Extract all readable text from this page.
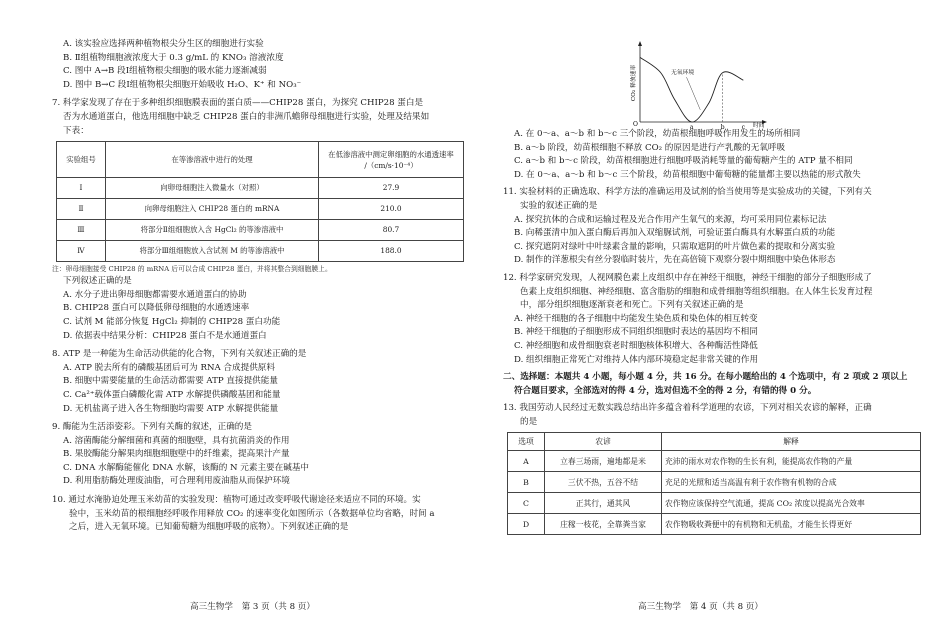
A. 该实验应选择两种植物根尖分生区的细胞进行实验
B. Ⅱ组植物细胞液浓度大于 0.3 g/mL 的 KNO₃ 溶液浓度
C. 图中 A→B 段Ⅰ组植物根尖细胞的吸水能力逐渐减弱
D. 图中 B→C 段Ⅰ组植物根尖细胞开始吸收 H₂O、K⁺ 和 NO₃⁻
7. 科学家发现了存在于多种组织细胞膜表面的蛋白质——CHIP28 蛋白，为探究 CHIP28 蛋白是
否为水通道蛋白，他选用细胞中缺乏 CHIP28 蛋白的非洲爪蟾卵母细胞进行实验，处理及结果如
下表：
实验组号	在等渗溶液中进行的处理	在低渗溶液中测定卵细胞的水通透速率
/（cm/s·10⁻⁴）
Ⅰ	向卵母细胞注入微量水（对照）	27.9
Ⅱ	向卵母细胞注入 CHIP28 蛋白的 mRNA	210.0
Ⅲ	将部分Ⅱ组细胞放入含 HgCl₂ 的等渗溶液中	80.7
Ⅳ	将部分Ⅲ组细胞放入含试剂 M 的等渗溶液中	188.0
注：卵母细胞接受 CHIP28 的 mRNA 后可以合成 CHIP28 蛋白，并将其整合到细胞膜上。
下列叙述正确的是
A. 水分子进出卵母细胞都需要水通道蛋白的协助
B. CHIP28 蛋白可以降低卵母细胞的水通透速率
C. 试剂 M 能部分恢复 HgCl₂ 抑制的 CHIP28 蛋白功能
D. 依据表中结果分析：CHIP28 蛋白不是水通道蛋白
8. ATP 是一种能为生命活动供能的化合物，下列有关叙述正确的是
A. ATP 脱去所有的磷酸基团后可为 RNA 合成提供原料
B. 细胞中需要能量的生命活动都需要 ATP 直接提供能量
C. Ca²⁺载体蛋白磷酸化需 ATP 水解提供磷酸基团和能量
D. 无机盐离子进入各生物细胞均需要 ATP 水解提供能量
9. 酶能为生活添姿彩。下列有关酶的叙述，正确的是
A. 溶菌酶能分解细菌和真菌的细胞壁，具有抗菌消炎的作用
B. 果胶酶能分解果肉细胞细胞壁中的纤维素，提高果汁产量
C. DNA 水解酶能催化 DNA 水解，该酶的 N 元素主要在碱基中
D. 利用脂肪酶处理废油脂，可合理利用废油脂从而保护环境
10. 通过水淹胁迫处理玉米幼苗的实验发现：植物可通过改变呼吸代谢途径来适应不同的环境。实
验中，玉米幼苗的根细胞经呼吸作用释放 CO₂ 的速率变化如图所示（各数据单位均省略，时间 a
之后，进入无氧环境。已知葡萄糖为细胞呼吸的底物）。下列叙述正确的是
高三生物学　第 3 页（共 8 页）
CO₂ 释放速率
时间
O
无氧环境
a	b	c
A. 在 0～a、a～b 和 b～c 三个阶段，幼苗根细胞呼吸作用发生的场所相同
B. a～b 阶段，幼苗根细胞不释放 CO₂ 的原因是进行产乳酸的无氧呼吸
C. a～b 和 b～c 阶段，幼苗根细胞进行细胞呼吸消耗等量的葡萄糖产生的 ATP 量不相同
D. 在 0～a、a～b 和 b～c 三个阶段，幼苗根细胞中葡萄糖的能量都主要以热能的形式散失
11. 实验材料的正确选取、科学方法的准确运用及试剂的恰当使用等是实验成功的关键，下列有关
实验的叙述正确的是
A. 探究抗体的合成和运输过程及光合作用产生氧气的来源，均可采用同位素标记法
B. 向稀蛋清中加入蛋白酶后再加入双缩脲试剂，可验证蛋白酶具有水解蛋白质的功能
C. 探究遮阴对绿叶中叶绿素含量的影响，只需取遮阴的叶片做色素的提取和分离实验
D. 制作的洋葱根尖有丝分裂临时装片，先在高倍镜下观察分裂中期细胞中染色体形态
12. 科学家研究发现，人视网膜色素上皮组织中存在神经干细胞，神经干细胞的部分子细胞形成了
色素上皮组织细胞、神经细胞、富含脂肪的细胞和成骨细胞等组织细胞。在人体生长发育过程
中，部分组织细胞逐渐衰老和死亡。下列有关叙述正确的是
A. 神经干细胞的各子细胞中均能发生染色质和染色体的相互转变
B. 神经干细胞的子细胞形成不同组织细胞时表达的基因均不相同
C. 神经细胞和成骨细胞衰老时细胞核体积增大、各种酶活性降低
D. 组织细胞正常死亡对维持人体内部环境稳定起非常关键的作用
二、选择题：本题共 4 小题，每小题 4 分，共 16 分。在每小题给出的 4 个选项中，有 2 项或 2 项以上
符合题目要求，全部选对的得 4 分，选对但选不全的得 2 分，有错的得 0 分。
13. 我国劳动人民经过无数实践总结出许多蕴含着科学道理的农谚，下列对相关农谚的解释，正确
的是
选项	农谚	解释
A	立春三场雨，遍地都是米	充沛的雨水对农作物的生长有利，能提高农作物的产量
B	三伏不热，五谷不结	充足的光照和适当高温有利于农作物有机物的合成
C	正其行，通其风	农作物应该保持空气流通，提高 CO₂ 浓度以提高光合效率
D	庄稼一枝花，全靠粪当家	农作物吸收粪便中的有机物和无机盐，才能生长得更好
高三生物学　第 4 页（共 8 页）
